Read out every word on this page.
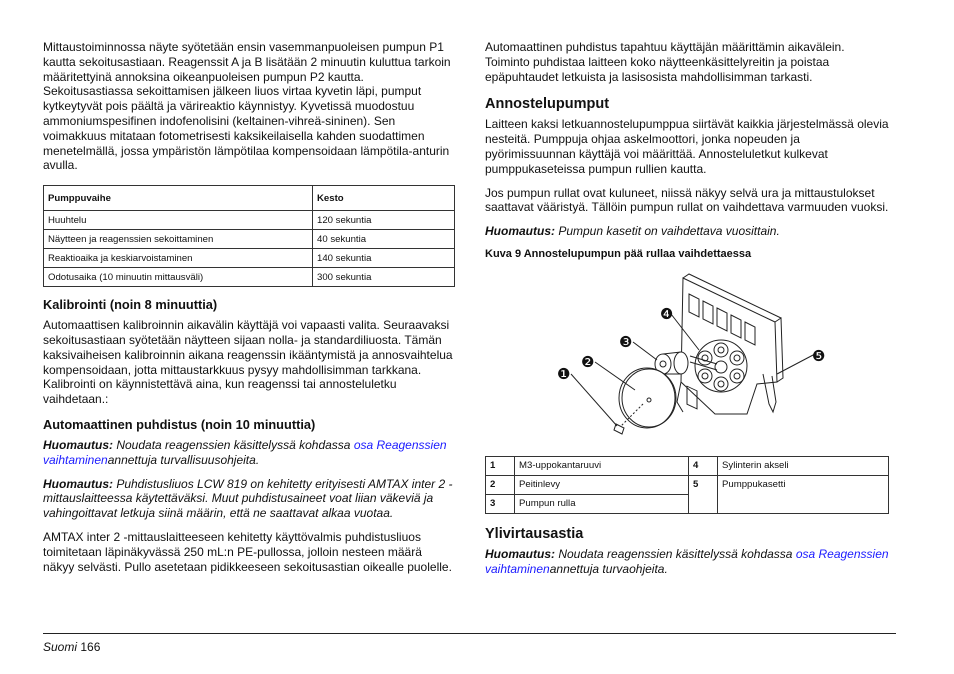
Mittaustoiminnossa näyte syötetään ensin vasemmanpuoleisen pumpun P1 kautta sekoitusastiaan. Reagenssit A ja B lisätään 2 minuutin kuluttua tarkoin määritettyinä annoksina oikeanpuoleisen pumpun P2 kautta. Sekoitusastiassa sekoittamisen jälkeen liuos virtaa kyvetin läpi, pumput kytkeytyvät pois päältä ja värireaktio käynnistyy. Kyvetissä muodostuu ammoniumspesifinen indofenolisini (keltainen-vihreä-sininen). Sen voimakkuus mitataan fotometrisesti kaksikeilaisella kahden suodattimen menetelmällä, jossa ympäristön lämpötilaa kompensoidaan lämpötila-anturin avulla.

Pumppuvaihe	Kesto
Huuhtelu	120 sekuntia
Näytteen ja reagenssien sekoittaminen	40 sekuntia
Reaktioaika ja keskiarvoistaminen	140 sekuntia
Odotusaika (10 minuutin mittausväli)	300 sekuntia
Kalibrointi (noin 8 minuuttia)

Automaattisen kalibroinnin aikavälin käyttäjä voi vapaasti valita. Seuraavaksi sekoitusastiaan syötetään näytteen sijaan nolla- ja standardiliuosta. Tämän kaksivaiheisen kalibroinnin aikana reagenssin ikääntymistä ja annosvaihtelua kompensoidaan, jotta mittaustarkkuus pysyy mahdollisimman tarkkana. Kalibrointi on käynnistettävä aina, kun reagenssi tai annosteluletku vaihdetaan.:

Automaattinen puhdistus (noin 10 minuuttia)

Huomautus: Noudata reagenssien käsittelyssä kohdassa osa Reagenssien vaihtaminenannettuja turvallisuusohjeita.

Huomautus: Puhdistusliuos LCW 819 on kehitetty erityisesti AMTAX inter 2 -mittauslaitteessa käytettäväksi. Muut puhdistusaineet voat liian väkeviä ja vahingoittavat letkuja siinä määrin, että ne saattavat alkaa vuotaa.

AMTAX inter 2 -mittauslaitteeseen kehitetty käyttövalmis puhdistusliuos toimitetaan läpinäkyvässä 250 mL:n PE-pullossa, jolloin nesteen määrä näkyy selvästi. Pullo asetetaan pidikkeeseen sekoitusastian oikealle puolelle.

Automaattinen puhdistus tapahtuu käyttäjän määrittämin aikavälein. Toiminto puhdistaa laitteen koko näytteenkäsittelyreitin ja poistaa epäpuhtaudet letkuista ja lasisosista mahdollisimman tarkasti.

Annostelupumput

Laitteen kaksi letkuannostelupumppua siirtävät kaikkia järjestelmässä olevia nesteitä. Pumppuja ohjaa askelmoottori, jonka nopeuden ja pyörimissuunnan käyttäjä voi määrittää. Annosteluletkut kulkevat pumppukaseteissa pumpun rullien kautta.

Jos pumpun rullat ovat kuluneet, niissä näkyy selvä ura ja mittaustulokset saattavat vääristyä. Tällöin pumpun rullat on vaihdettava varmuuden vuoksi.

Huomautus: Pumpun kasetit on vaihdettava vuosittain.

Kuva 9 Annostelupumpun pää rullaa vaihdettaessa
❶
❷
❸
❹
❺
1	M3-uppokantaruuvi	4	Sylinterin akseli
2	Peitinlevy	5	Pumppukasetti
3	Pumpun rulla		
Ylivirtausastia

Huomautus: Noudata reagenssien käsittelyssä kohdassa osa Reagenssien vaihtaminenannettuja turvaohjeita.

Suomi 166
